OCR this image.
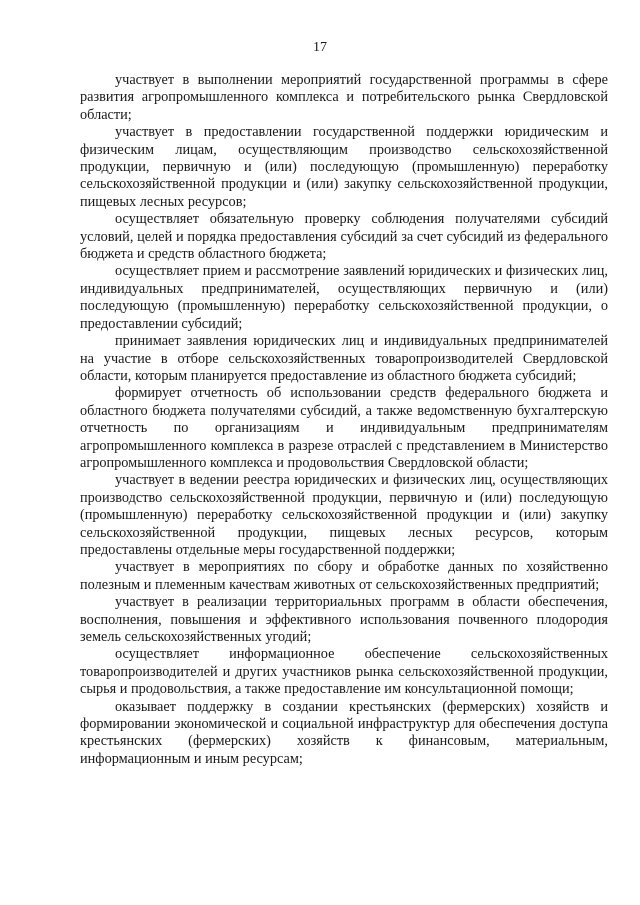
17

участвует в выполнении мероприятий государственной программы в сфере развития агропромышленного комплекса и потребительского рынка Свердловской области;

участвует в предоставлении государственной поддержки юридическим и физическим лицам, осуществляющим производство сельскохозяйственной продукции, первичную и (или) последующую (промышленную) переработку сельскохозяйственной продукции и (или) закупку сельскохозяйственной продукции, пищевых лесных ресурсов;

осуществляет обязательную проверку соблюдения получателями субсидий условий, целей и порядка предоставления субсидий за счет субсидий из федерального бюджета и средств областного бюджета;

осуществляет прием и рассмотрение заявлений юридических и физических лиц, индивидуальных предпринимателей, осуществляющих первичную и (или) последующую (промышленную) переработку сельскохозяйственной продукции, о предоставлении субсидий;

принимает заявления юридических лиц и индивидуальных предпринимателей на участие в отборе сельскохозяйственных товаропроизводителей Свердловской области, которым планируется предоставление из областного бюджета субсидий;

формирует отчетность об использовании средств федерального бюджета и областного бюджета получателями субсидий, а также ведомственную бухгалтерскую отчетность по организациям и индивидуальным предпринимателям агропромышленного комплекса в разрезе отраслей с представлением в Министерство агропромышленного комплекса и продовольствия Свердловской области;

участвует в ведении реестра юридических и физических лиц, осуществляющих производство сельскохозяйственной продукции, первичную и (или) последующую (промышленную) переработку сельскохозяйственной продукции и (или) закупку сельскохозяйственной продукции, пищевых лесных ресурсов, которым предоставлены отдельные меры государственной поддержки;

участвует в мероприятиях по сбору и обработке данных по хозяйственно полезным и племенным качествам животных от сельскохозяйственных предприятий;

участвует в реализации территориальных программ в области обеспечения, восполнения, повышения и эффективного использования почвенного плодородия земель сельскохозяйственных угодий;

осуществляет информационное обеспечение сельскохозяйственных товаропроизводителей и других участников рынка сельскохозяйственной продукции, сырья и продовольствия, а также предоставление им консультационной помощи;

оказывает поддержку в создании крестьянских (фермерских) хозяйств и формировании экономической и социальной инфраструктур для обеспечения доступа крестьянских (фермерских) хозяйств к финансовым, материальным, информационным и иным ресурсам;
